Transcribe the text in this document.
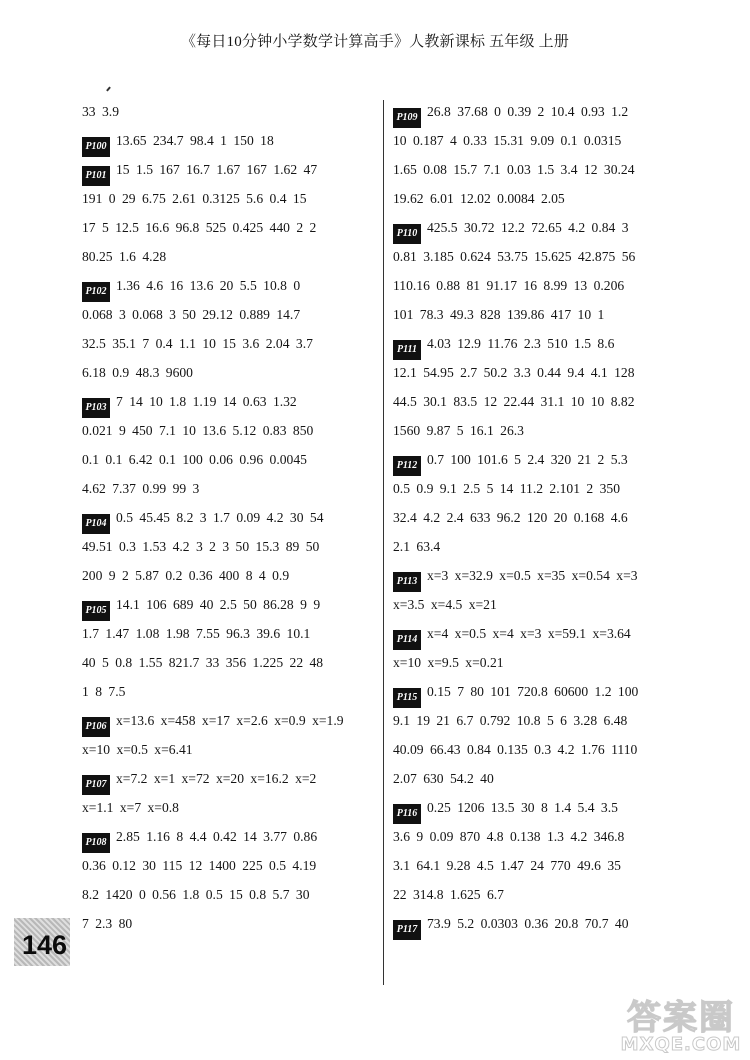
《每日10分钟小学数学计算高手》人教新课标 五年级 上册
33 3.9
P100 13.65 234.7 98.4 1 150 18
P101 15 1.5 167 16.7 1.67 167 1.62 47
191 0 29 6.75 2.61 0.3125 5.6 0.4 15
17 5 12.5 16.6 96.8 525 0.425 440 2 2
80.25 1.6 4.28
P102 1.36 4.6 16 13.6 20 5.5 10.8 0
0.068 3 0.068 3 50 29.12 0.889 14.7
32.5 35.1 7 0.4 1.1 10 15 3.6 2.04 3.7
6.18 0.9 48.3 9600
P103 7 14 10 1.8 1.19 14 0.63 1.32
0.021 9 450 7.1 10 13.6 5.12 0.83 850
0.1 0.1 6.42 0.1 100 0.06 0.96 0.0045
4.62 7.37 0.99 99 3
P104 0.5 45.45 8.2 3 1.7 0.09 4.2 30 54
49.51 0.3 1.53 4.2 3 2 3 50 15.3 89 50
200 9 2 5.87 0.2 0.36 400 8 4 0.9
P105 14.1 106 689 40 2.5 50 86.28 9 9
1.7 1.47 1.08 1.98 7.55 96.3 39.6 10.1
40 5 0.8 1.55 821.7 33 356 1.225 22 48
1 8 7.5
P106 x=13.6 x=458 x=17 x=2.6 x=0.9 x=1.9
x=10 x=0.5 x=6.41
P107 x=7.2 x=1 x=72 x=20 x=16.2 x=2
x=1.1 x=7 x=0.8
P108 2.85 1.16 8 4.4 0.42 14 3.77 0.86
0.36 0.12 30 115 12 1400 225 0.5 4.19
8.2 1420 0 0.56 1.8 0.5 15 0.8 5.7 30
7 2.3 80
P109 26.8 37.68 0 0.39 2 10.4 0.93 1.2
10 0.187 4 0.33 15.31 9.09 0.1 0.0315
1.65 0.08 15.7 7.1 0.03 1.5 3.4 12 30.24
19.62 6.01 12.02 0.0084 2.05
P110 425.5 30.72 12.2 72.65 4.2 0.84 3
0.81 3.185 0.624 53.75 15.625 42.875 56
110.16 0.88 81 91.17 16 8.99 13 0.206
101 78.3 49.3 828 139.86 417 10 1
P111 4.03 12.9 11.76 2.3 510 1.5 8.6
12.1 54.95 2.7 50.2 3.3 0.44 9.4 4.1 128
44.5 30.1 83.5 12 22.44 31.1 10 10 8.82
1560 9.87 5 16.1 26.3
P112 0.7 100 101.6 5 2.4 320 21 2 5.3
0.5 0.9 9.1 2.5 5 14 11.2 2.101 2 350
32.4 4.2 2.4 633 96.2 120 20 0.168 4.6
2.1 63.4
P113 x=3 x=32.9 x=0.5 x=35 x=0.54 x=3
x=3.5 x=4.5 x=21
P114 x=4 x=0.5 x=4 x=3 x=59.1 x=3.64
x=10 x=9.5 x=0.21
P115 0.15 7 80 101 720.8 60600 1.2 100
9.1 19 21 6.7 0.792 10.8 5 6 3.28 6.48
40.09 66.43 0.84 0.135 0.3 4.2 1.76 1110
2.07 630 54.2 40
P116 0.25 1206 13.5 30 8 1.4 5.4 3.5
3.6 9 0.09 870 4.8 0.138 1.3 4.2 346.8
3.1 64.1 9.28 4.5 1.47 24 770 49.6 35
22 314.8 1.625 6.7
P117 73.9 5.2 0.0303 0.36 20.8 70.7 40
146
答案圈
MXQE.COM
